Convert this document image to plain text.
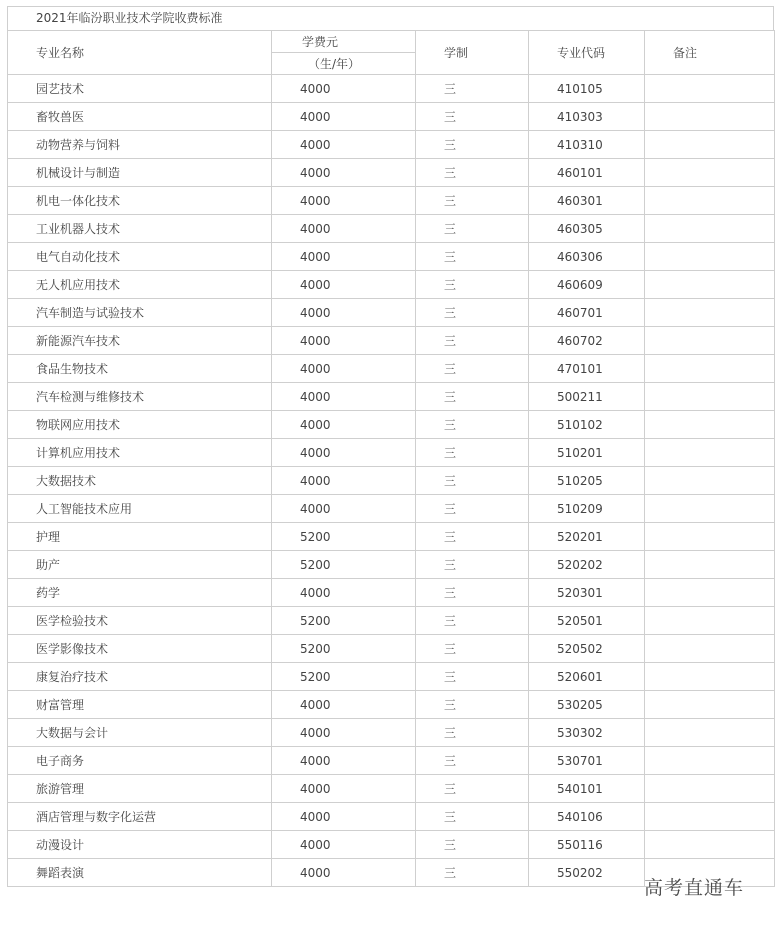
2021年临汾职业技术学院收费标准
专业名称	学费元	学制	专业代码	备注
	（生/年）			
园艺技术	4000	三	410105	
畜牧兽医	4000	三	410303	
动物营养与饲料	4000	三	410310	
机械设计与制造	4000	三	460101	
机电一体化技术	4000	三	460301	
工业机器人技术	4000	三	460305	
电气自动化技术	4000	三	460306	
无人机应用技术	4000	三	460609	
汽车制造与试验技术	4000	三	460701	
新能源汽车技术	4000	三	460702	
食品生物技术	4000	三	470101	
汽车检测与维修技术	4000	三	500211	
物联网应用技术	4000	三	510102	
计算机应用技术	4000	三	510201	
大数据技术	4000	三	510205	
人工智能技术应用	4000	三	510209	
护理	5200	三	520201	
助产	5200	三	520202	
药学	4000	三	520301	
医学检验技术	5200	三	520501	
医学影像技术	5200	三	520502	
康复治疗技术	5200	三	520601	
财富管理	4000	三	530205	
大数据与会计	4000	三	530302	
电子商务	4000	三	530701	
旅游管理	4000	三	540101	
酒店管理与数字化运营	4000	三	540106	
动漫设计	4000	三	550116	
舞蹈表演	4000	三	550202	
高考直通车
